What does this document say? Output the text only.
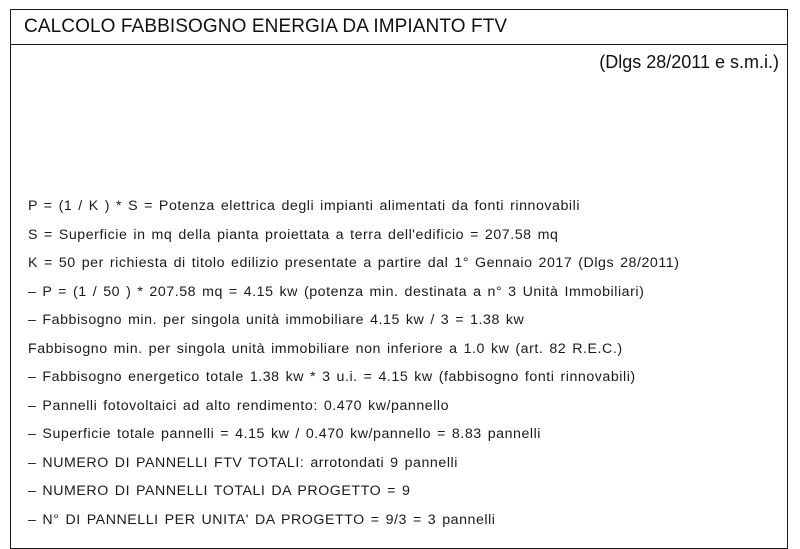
CALCOLO FABBISOGNO ENERGIA DA IMPIANTO FTV
(Dlgs 28/2011 e s.m.i.)
P = (1 / K ) * S = Potenza elettrica degli impianti alimentati da fonti rinnovabili
S = Superficie in mq della pianta proiettata a terra dell'edificio = 207.58 mq
K = 50 per richiesta di titolo edilizio presentate a partire dal 1° Gennaio 2017 (Dlgs 28/2011)
– P = (1 / 50 ) * 207.58 mq = 4.15 kw (potenza min. destinata a n° 3 Unità Immobiliari)
– Fabbisogno min. per singola unità immobiliare 4.15 kw / 3 = 1.38 kw
Fabbisogno min. per singola unità immobiliare non inferiore a 1.0 kw (art. 82 R.E.C.)
– Fabbisogno energetico totale 1.38 kw * 3 u.i. = 4.15 kw (fabbisogno fonti rinnovabili)
– Pannelli fotovoltaici ad alto rendimento: 0.470 kw/pannello
– Superficie totale pannelli = 4.15 kw / 0.470 kw/pannello = 8.83 pannelli
– NUMERO DI PANNELLI FTV TOTALI: arrotondati 9 pannelli
– NUMERO DI PANNELLI TOTALI DA PROGETTO = 9
– N° DI PANNELLI PER UNITA' DA PROGETTO = 9/3 = 3 pannelli
